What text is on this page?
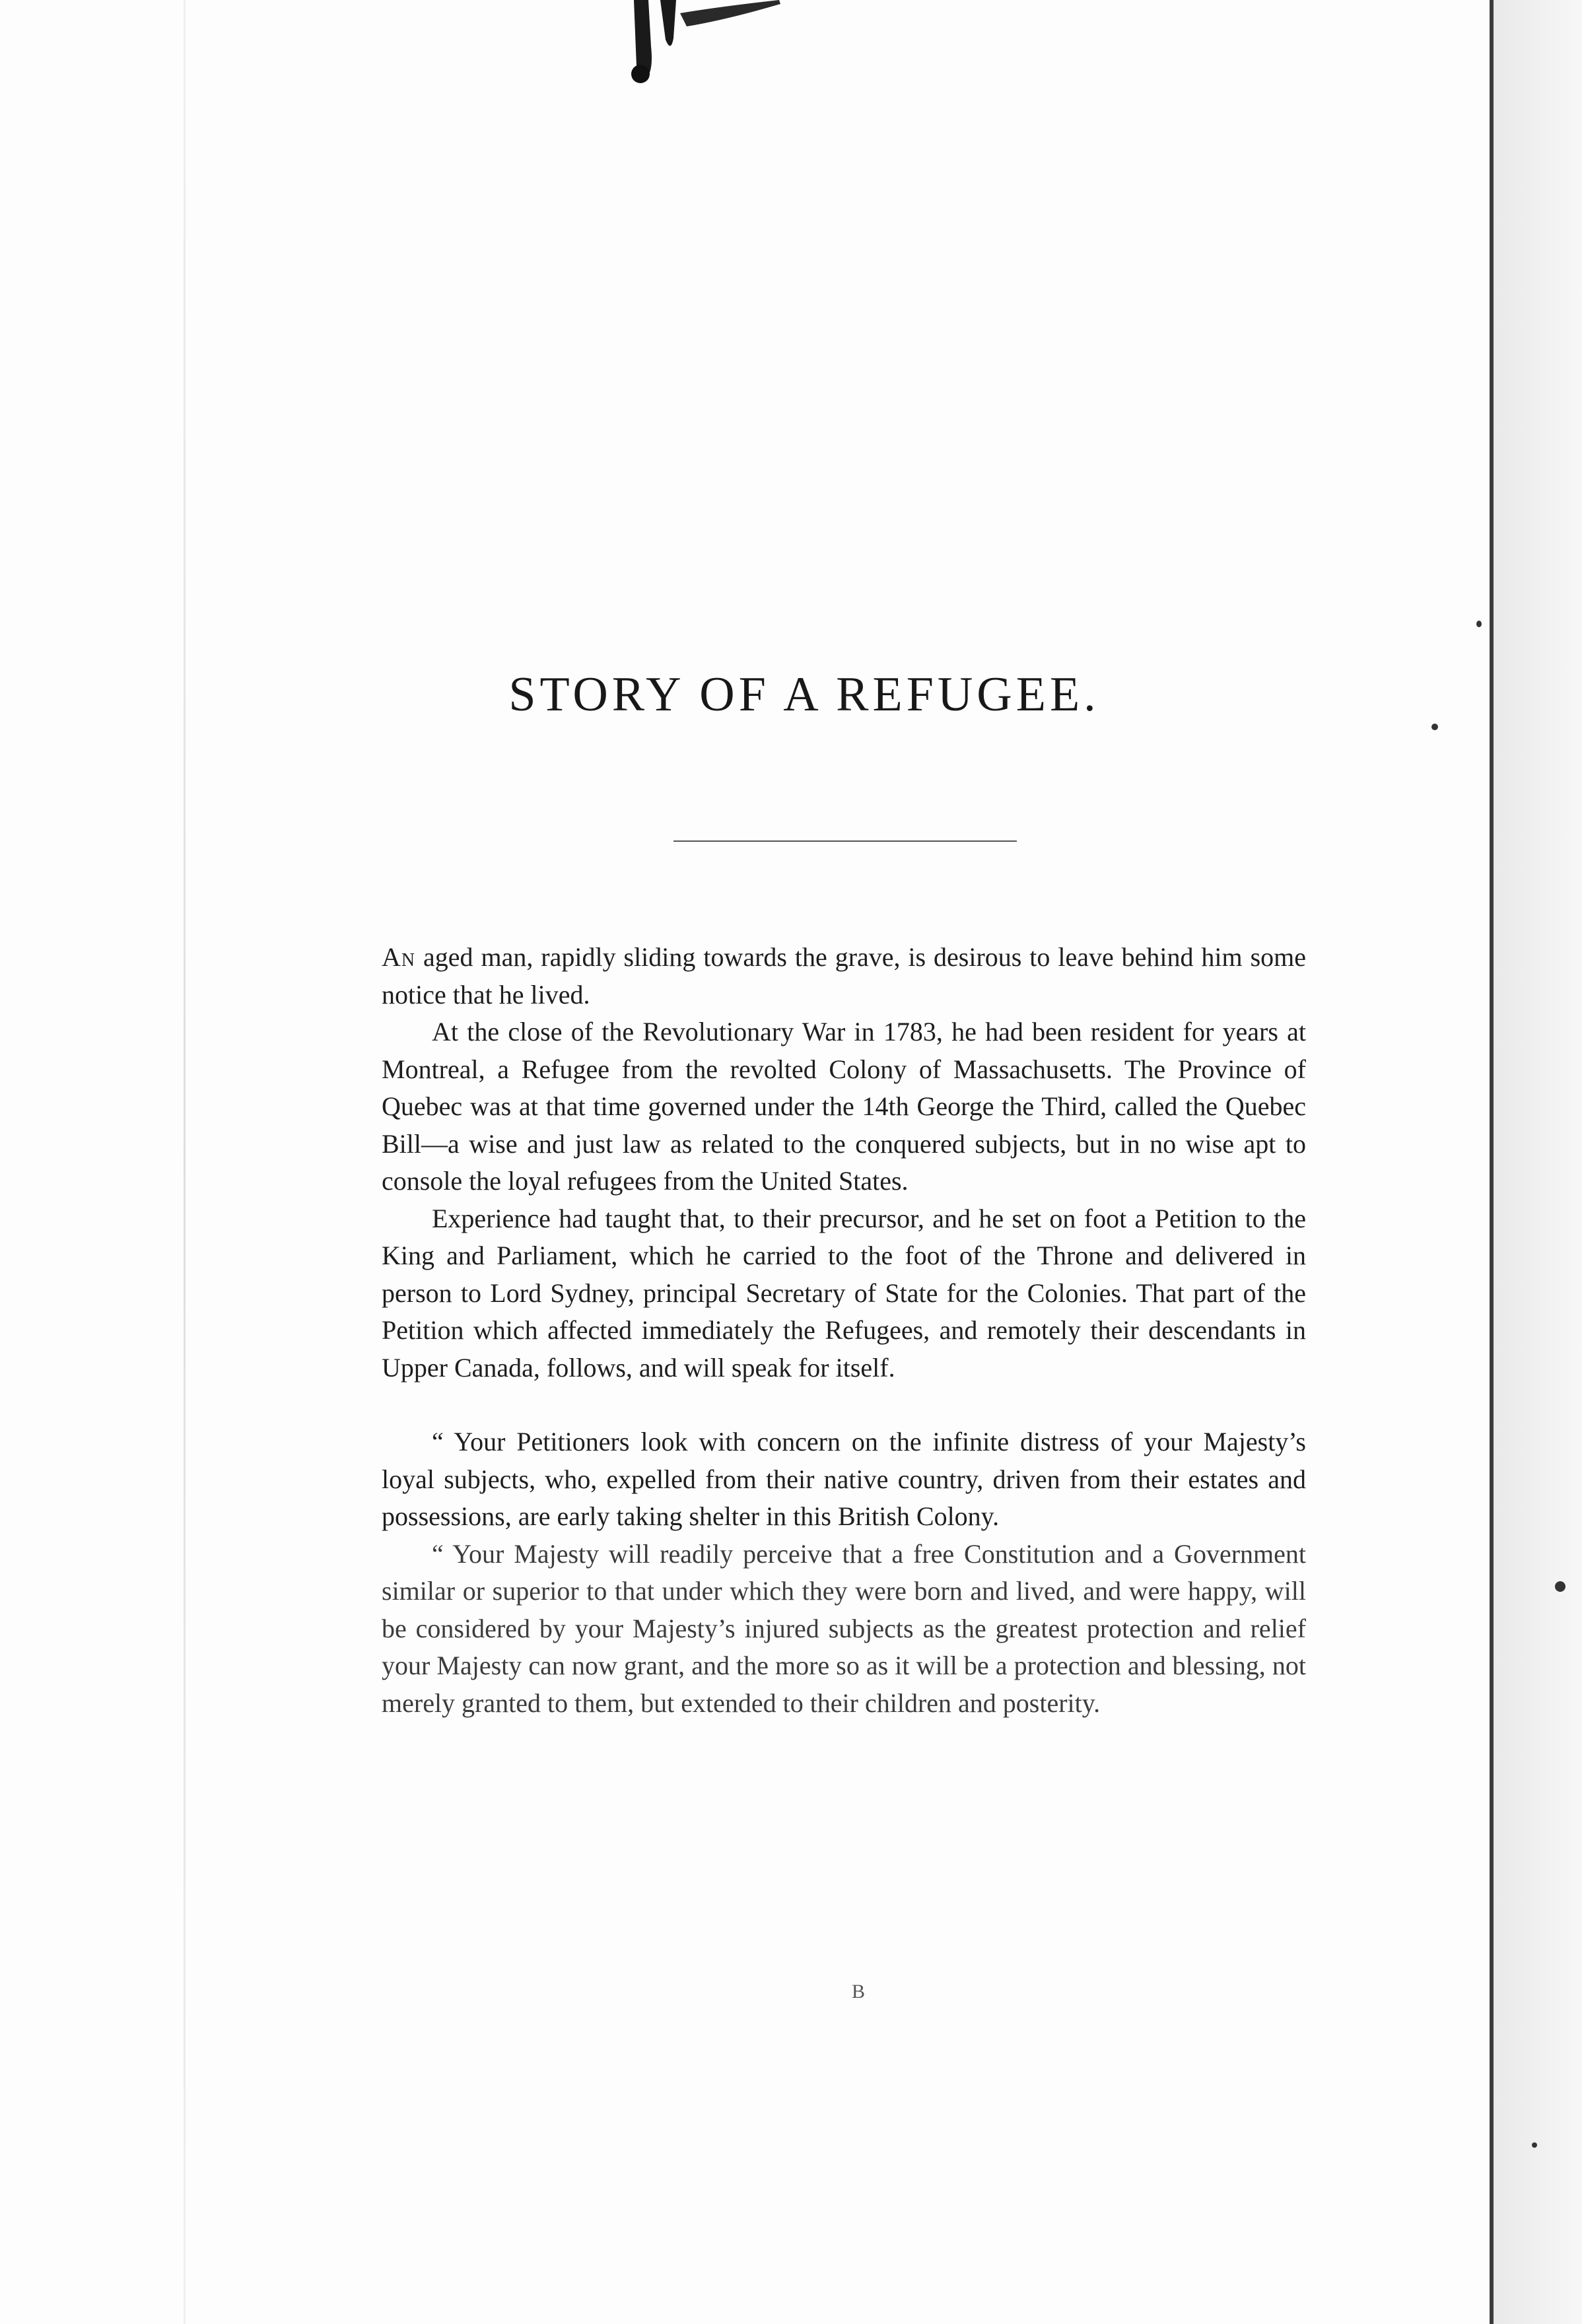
STORY OF A REFUGEE.

An aged man, rapidly sliding towards the grave, is desirous to leave behind him some notice that he lived.

At the close of the Revolutionary War in 1783, he had been resident for years at Montreal, a Refugee from the revolted Colony of Massachusetts. The Province of Quebec was at that time governed under the 14th George the Third, called the Quebec Bill—a wise and just law as related to the conquered subjects, but in no wise apt to console the loyal refugees from the United States.

Experience had taught that, to their precursor, and he set on foot a Petition to the King and Parliament, which he carried to the foot of the Throne and delivered in person to Lord Sydney, principal Secretary of State for the Colonies. That part of the Petition which affected immediately the Refugees, and remotely their descendants in Upper Canada, follows, and will speak for itself.

“ Your Petitioners look with concern on the infinite distress of your Majesty’s loyal subjects, who, expelled from their native country, driven from their estates and possessions, are early taking shelter in this British Colony.

“ Your Majesty will readily perceive that a free Constitution and a Government similar or superior to that under which they were born and lived, and were happy, will be considered by your Majesty’s injured subjects as the greatest protection and relief your Majesty can now grant, and the more so as it will be a protection and blessing, not merely granted to them, but extended to their children and posterity.

B
